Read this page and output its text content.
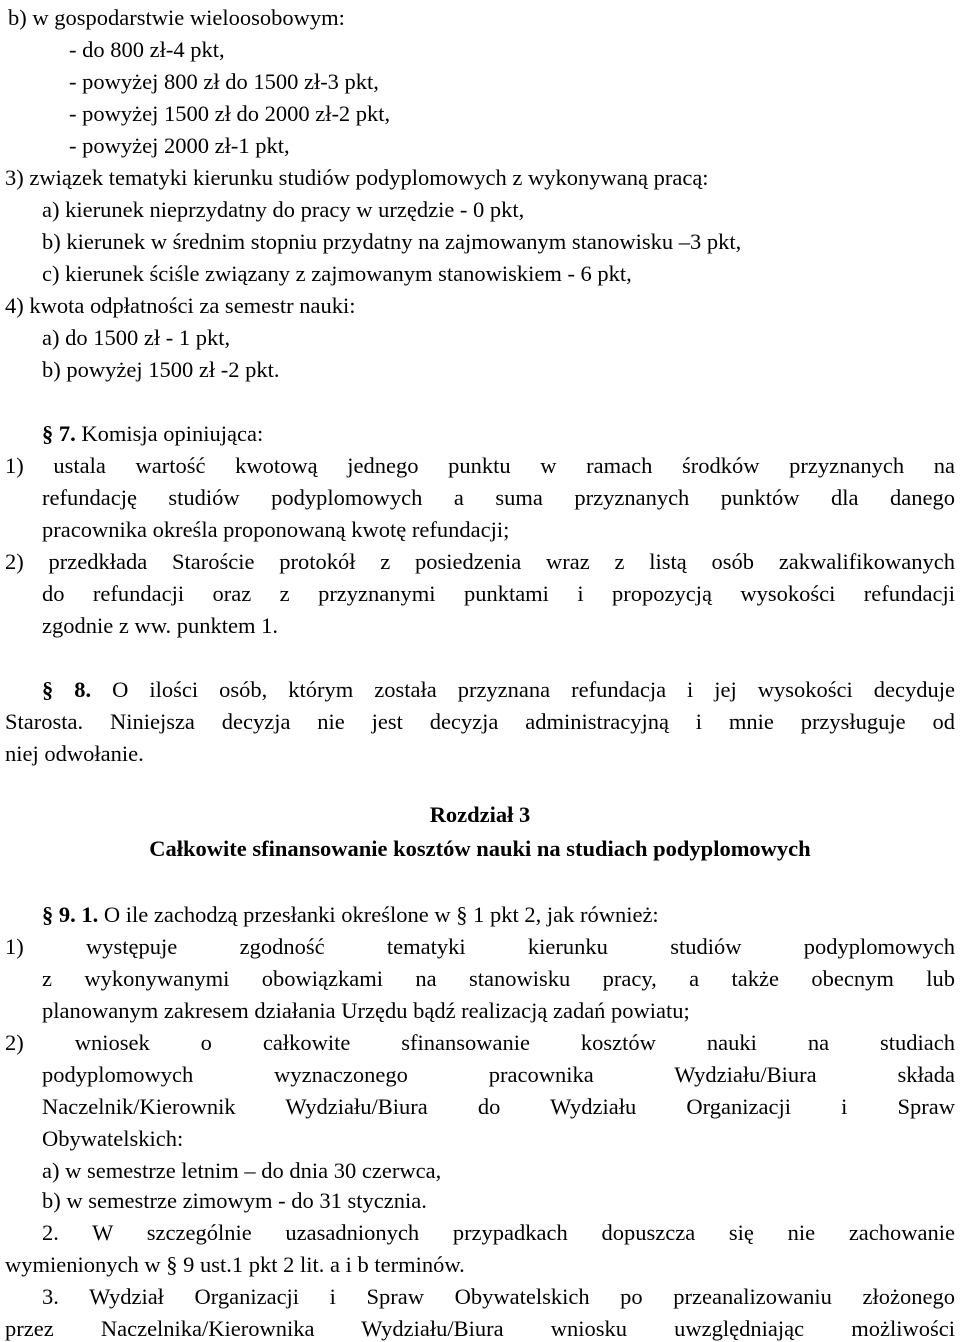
b) w gospodarstwie wieloosobowym:
- do 800 zł-4 pkt,
- powyżej 800 zł do 1500 zł-3 pkt,
- powyżej 1500 zł do 2000 zł-2 pkt,
- powyżej 2000 zł-1 pkt,
3) związek tematyki kierunku studiów podyplomowych z wykonywaną pracą:
a) kierunek nieprzydatny do pracy w urzędzie - 0 pkt,
b) kierunek w średnim stopniu przydatny na zajmowanym stanowisku –3 pkt,
c) kierunek ściśle związany z zajmowanym stanowiskiem - 6 pkt,
4) kwota odpłatności za semestr nauki:
a) do 1500 zł - 1 pkt,
b) powyżej 1500 zł -2 pkt.
§ 7. Komisja opiniująca:
1) ustala wartość kwotową jednego punktu w ramach środków przyznanych na
refundację studiów podyplomowych a suma przyznanych punktów dla danego
pracownika określa proponowaną kwotę refundacji;
2) przedkłada Staroście protokół z posiedzenia wraz z listą osób zakwalifikowanych
do refundacji oraz z przyznanymi punktami i propozycją wysokości refundacji
zgodnie z ww. punktem 1.
§ 8. O ilości osób, którym została przyznana refundacja i jej wysokości decyduje
Starosta. Niniejsza decyzja nie jest decyzja administracyjną i mnie przysługuje od
niej odwołanie.
Rozdział 3
Całkowite sfinansowanie kosztów nauki na studiach podyplomowych
§ 9. 1. O ile zachodzą przesłanki określone w § 1 pkt 2, jak również:
1) występuje zgodność tematyki kierunku studiów podyplomowych
z wykonywanymi obowiązkami na stanowisku pracy, a także obecnym lub
planowanym zakresem działania Urzędu bądź realizacją zadań powiatu;
2) wniosek o całkowite sfinansowanie kosztów nauki na studiach
podyplomowych wyznaczonego pracownika Wydziału/Biura składa
Naczelnik/Kierownik Wydziału/Biura do Wydziału Organizacji i Spraw
Obywatelskich:
a) w semestrze letnim – do dnia 30 czerwca,
b) w semestrze zimowym - do 31 stycznia.
2. W szczególnie uzasadnionych przypadkach dopuszcza się nie zachowanie
wymienionych w § 9 ust.1 pkt 2 lit. a i b terminów.
3. Wydział Organizacji i Spraw Obywatelskich po przeanalizowaniu złożonego
przez Naczelnika/Kierownika Wydziału/Biura wniosku uwzględniając możliwości
